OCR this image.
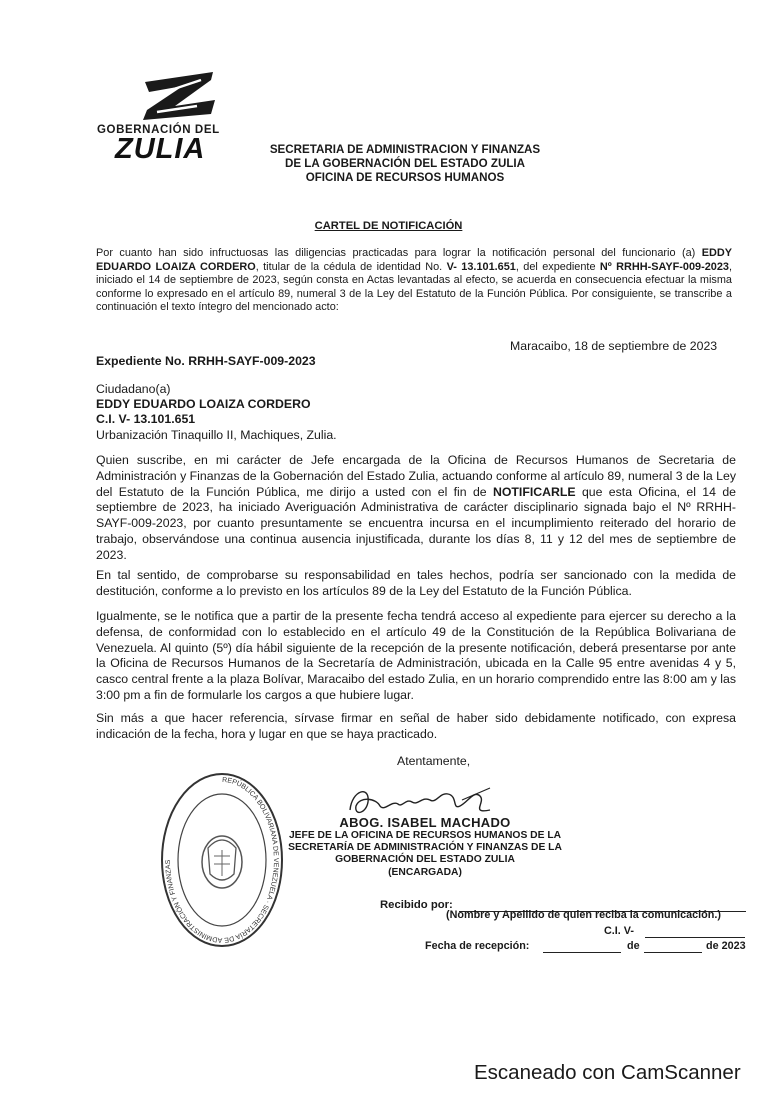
GOBERNACIÓN DEL
ZULIA	SECRETARIA DE ADMINISTRACION Y FINANZAS
DE LA GOBERNACIÓN DEL ESTADO ZULIA
OFICINA DE RECURSOS HUMANOS
CARTEL DE NOTIFICACIÓN
Por cuanto han sido infructuosas las diligencias practicadas para lograr la notificación personal del funcionario (a) EDDY EDUARDO LOAIZA CORDERO, titular de la cédula de identidad No. V- 13.101.651, del expediente Nº RRHH-SAYF-009-2023, iniciado el 14 de septiembre de 2023, según consta en Actas levantadas al efecto, se acuerda en consecuencia efectuar la misma conforme lo expresado en el artículo 89, numeral 3 de la Ley del Estatuto de la Función Pública. Por consiguiente, se transcribe a continuación el texto íntegro del mencionado acto:
Maracaibo, 18 de septiembre de 2023
Expediente No. RRHH-SAYF-009-2023
Ciudadano(a)
EDDY EDUARDO LOAIZA CORDERO
C.I. V- 13.101.651
Urbanización Tinaquillo II, Machiques, Zulia.
Quien suscribe, en mi carácter de Jefe encargada de la Oficina de Recursos Humanos de Secretaria de Administración y Finanzas de la Gobernación del Estado Zulia, actuando conforme al artículo 89, numeral 3 de la Ley del Estatuto de la Función Pública, me dirijo a usted con el fin de NOTIFICARLE que esta Oficina, el 14 de septiembre de 2023, ha iniciado Averiguación Administrativa de carácter disciplinario signada bajo el Nº RRHH-SAYF-009-2023, por cuanto presuntamente se encuentra incursa en el incumplimiento reiterado del horario de trabajo, observándose una continua ausencia injustificada, durante los días 8, 11 y 12 del mes de septiembre de 2023.
En tal sentido, de comprobarse su responsabilidad en tales hechos, podría ser sancionado con la medida de destitución, conforme a lo previsto en los artículos 89 de la Ley del Estatuto de la Función Pública.
Igualmente, se le notifica que a partir de la presente fecha tendrá acceso al expediente para ejercer su derecho a la defensa, de conformidad con lo establecido en el artículo 49 de la Constitución de la República Bolivariana de Venezuela. Al quinto (5º) día hábil siguiente de la recepción de la presente notificación, deberá presentarse por ante la Oficina de Recursos Humanos de la Secretaría de Administración, ubicada en la Calle 95 entre avenidas 4 y 5, casco central frente a la plaza Bolívar, Maracaibo del estado Zulia, en un horario comprendido entre las 8:00 am y las 3:00 pm a fin de formularle los cargos a que hubiere lugar.
Sin más a que hacer referencia, sírvase firmar en señal de haber sido debidamente notificado, con expresa indicación de la fecha, hora y lugar en que se haya practicado.
Atentamente,
REPÚBLICA BOLIVARIANA DE VENEZUELA · SECRETARÍA DE ADMINISTRACIÓN Y FINANZAS
ABOG. ISABEL MACHADO
JEFE DE LA OFICINA DE RECURSOS HUMANOS DE LA
SECRETARÍA DE ADMINISTRACIÓN Y FINANZAS DE LA
GOBERNACIÓN DEL ESTADO ZULIA
(ENCARGADA)
Recibido por:
(Nombre y Apellido de quien reciba la comunicación.)
C.I. V-
Fecha de recepción:	de	de 2023
Escaneado con CamScanner
